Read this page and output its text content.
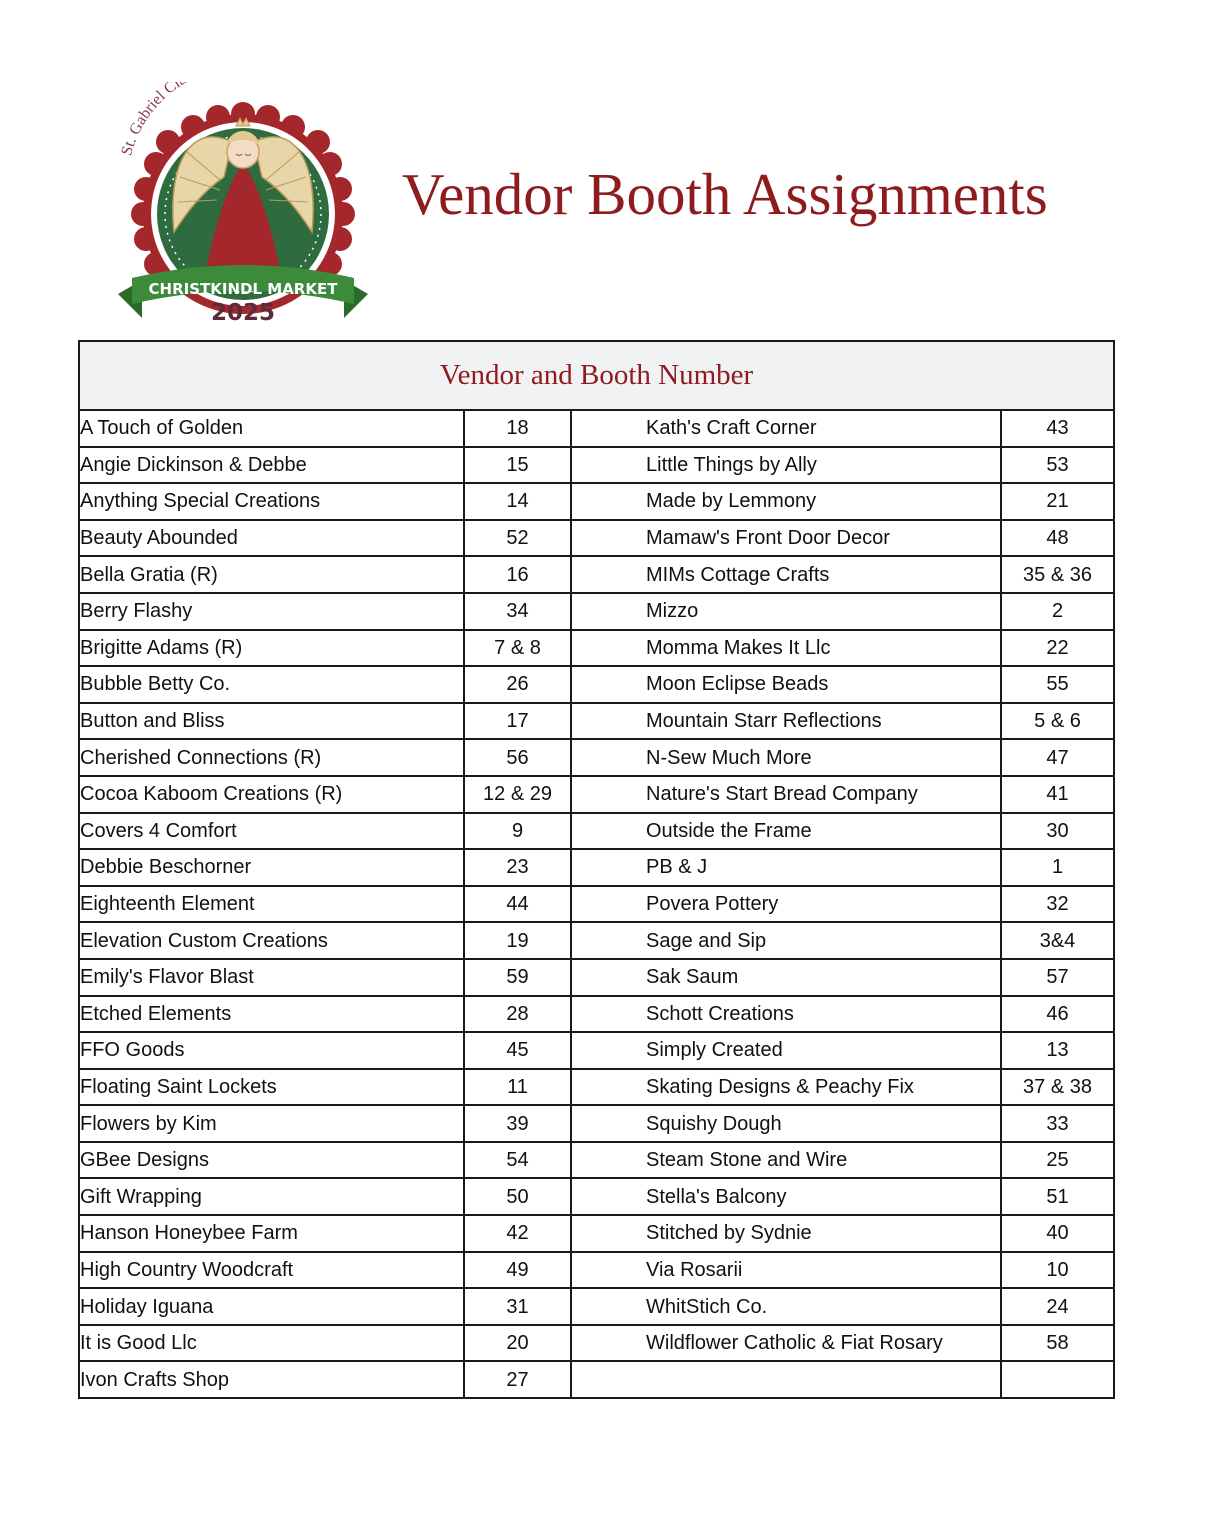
CHRISTKINDL MARKET
2025
St. Gabriel Cl
Vendor Booth Assignments
Vendor and Booth Number			
A Touch of Golden	18	Kath's Craft Corner	43
Angie Dickinson & Debbe	15	Little Things by Ally	53
Anything Special Creations	14	Made by Lemmony	21
Beauty Abounded	52	Mamaw's Front Door Decor	48
Bella Gratia (R)	16	MIMs Cottage Crafts	35 & 36
Berry Flashy	34	Mizzo	2
Brigitte Adams (R)	7 & 8	Momma Makes It Llc	22
Bubble Betty Co.	26	Moon Eclipse Beads	55
Button and Bliss	17	Mountain Starr Reflections	5 & 6
Cherished Connections (R)	56	N-Sew Much More	47
Cocoa Kaboom Creations (R)	12 & 29	Nature's Start Bread Company	41
Covers 4 Comfort	9	Outside the Frame	30
Debbie Beschorner	23	PB & J	1
Eighteenth Element	44	Povera Pottery	32
Elevation Custom Creations	19	Sage and Sip	3&4
Emily's Flavor Blast	59	Sak Saum	57
Etched Elements	28	Schott Creations	46
FFO Goods	45	Simply Created	13
Floating Saint Lockets	11	Skating Designs & Peachy Fix	37 & 38
Flowers by Kim	39	Squishy Dough	33
GBee Designs	54	Steam Stone and Wire	25
Gift Wrapping	50	Stella's Balcony	51
Hanson Honeybee Farm	42	Stitched by Sydnie	40
High Country Woodcraft	49	Via Rosarii	10
Holiday Iguana	31	WhitStich Co.	24
It is Good Llc	20	Wildflower Catholic & Fiat Rosary	58
Ivon Crafts Shop	27		
